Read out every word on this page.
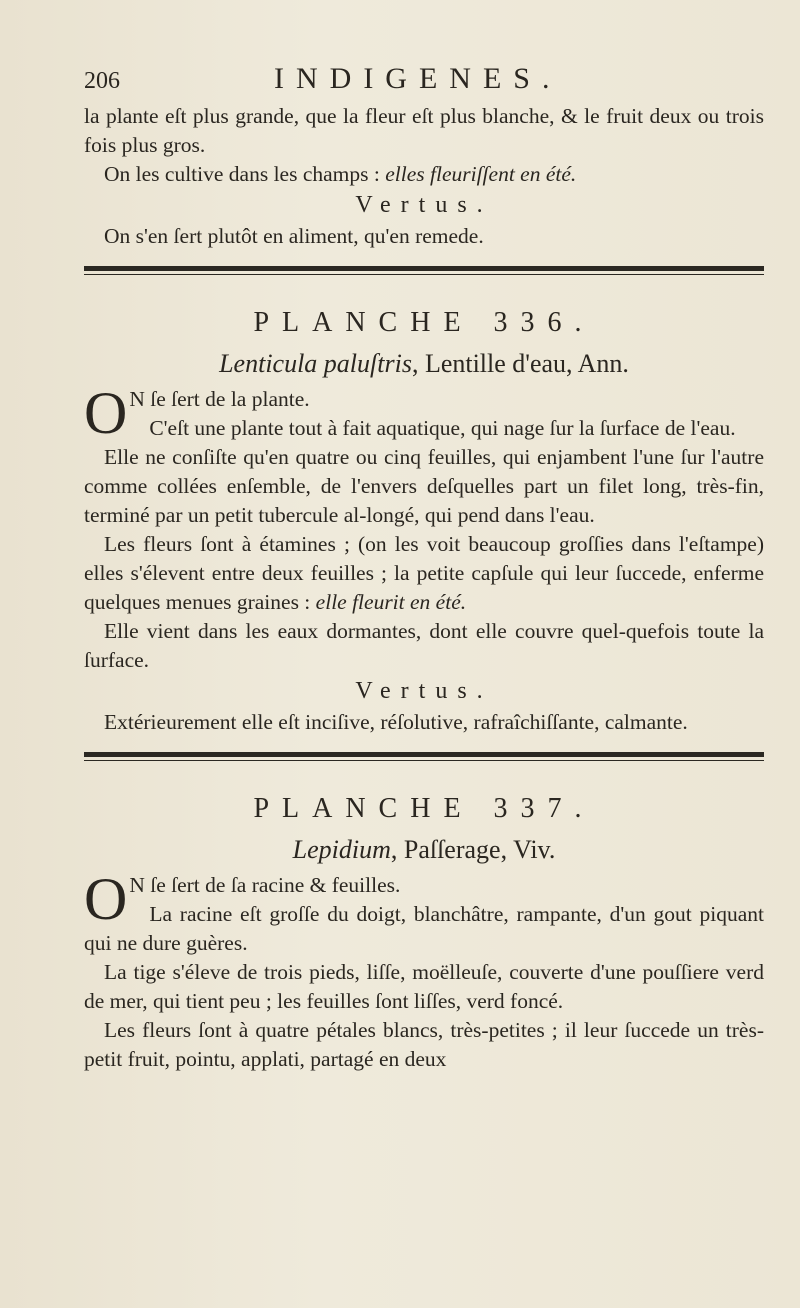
206	INDIGENES.

la plante eſt plus grande, que la fleur eſt plus blanche, & le fruit deux ou trois fois plus gros.

On les cultive dans les champs : elles fleuriſſent en été.

Vertus.

On s'en ſert plutôt en aliment, qu'en remede.

PLANCHE 336.
Lenticula paluſtris, Lentille d'eau, Ann.

O N ſe ſert de la plante.

C'eſt une plante tout à fait aquatique, qui nage ſur la ſurface de l'eau.

Elle ne conſiſte qu'en quatre ou cinq feuilles, qui enjambent l'une ſur l'autre comme collées enſemble, de l'envers deſquelles part un filet long, très-fin, terminé par un petit tubercule al-longé, qui pend dans l'eau.

Les fleurs ſont à étamines ; (on les voit beaucoup groſſies dans l'eſtampe) elles s'élevent entre deux feuilles ; la petite capſule qui leur ſuccede, enferme quelques menues graines : elle fleurit en été.

Elle vient dans les eaux dormantes, dont elle couvre quel-quefois toute la ſurface.

Vertus.

Extérieurement elle eſt inciſive, réſolutive, rafraîchiſſante, calmante.

PLANCHE 337.
Lepidium, Paſſerage, Viv.

O N ſe ſert de ſa racine & feuilles.

La racine eſt groſſe du doigt, blanchâtre, rampante, d'un gout piquant qui ne dure guères.

La tige s'éleve de trois pieds, liſſe, moëlleuſe, couverte d'une pouſſiere verd de mer, qui tient peu ; les feuilles ſont liſſes, verd foncé.

Les fleurs ſont à quatre pétales blancs, très-petites ; il leur ſuccede un très-petit fruit, pointu, applati, partagé en deux
